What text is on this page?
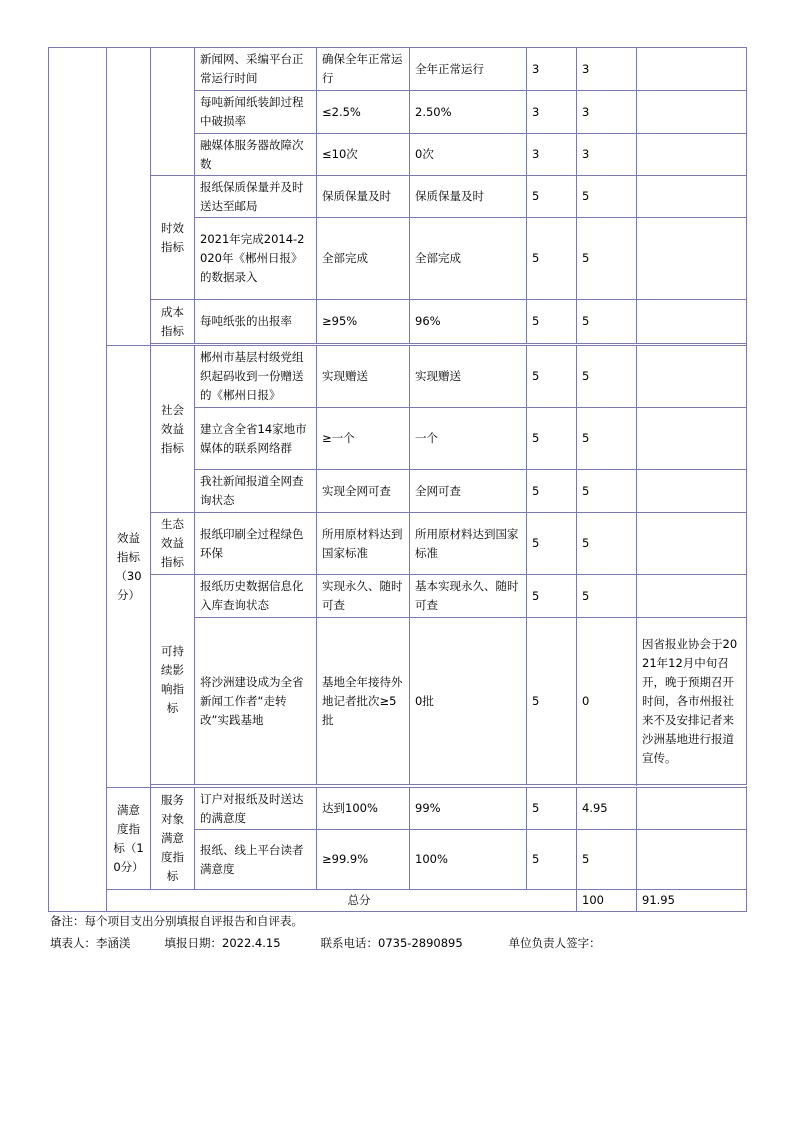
			新闻网、采编平台正常运行时间	确保全年正常运行	全年正常运行	3	3		
			每吨新闻纸装卸过程中破损率	≤2.5%	2.50%	3	3		
			融媒体服务器故障次数	≤10次	0次	3	3		
		时效指标	报纸保质保量并及时送达至邮局	保质保量及时	保质保量及时	5	5		
			2021年完成2014-2020年《郴州日报》的数据录入	全部完成	全部完成	5	5		
		成本指标	每吨纸张的出报率	≥95%	96%	5	5		

	效益指标（30分）	社会效益指标	郴州市基层村级党组织起码收到一份赠送的《郴州日报》	实现赠送	实现赠送	5	5		
			建立含全省14家地市媒体的联系网络群	≥一个	一个	5	5		
			我社新闻报道全网查询状态	实现全网可查	全网可查	5	5		
		生态效益指标	报纸印刷全过程绿色环保	所用原材料达到国家标准	所用原材料达到国家标准	5	5		
		可持续影响指标	报纸历史数据信息化入库查询状态	实现永久、随时可查	基本实现永久、随时可查	5	5		
			将沙洲建设成为全省新闻工作者“走转改”实践基地	基地全年接待外地记者批次≥5批	0批	5	0	因省报业协会于2021年12月中旬召开，晚于预期召开时间，各市州报社来不及安排记者来沙洲基地进行报道宣传。	

	满意度指标（10分）	服务对象满意度指标	订户对报纸及时送达的满意度	达到100%	99%	5	4.95		
			报纸、线上平台读者满意度	≥99.9%	100%	5	5		
	总分						100	91.95	
备注：每个项目支出分别填报自评报告和自评表。
填表人：李涵渼	填报日期：2022.4.15	联系电话：0735-2890895	单位负责人签字：
